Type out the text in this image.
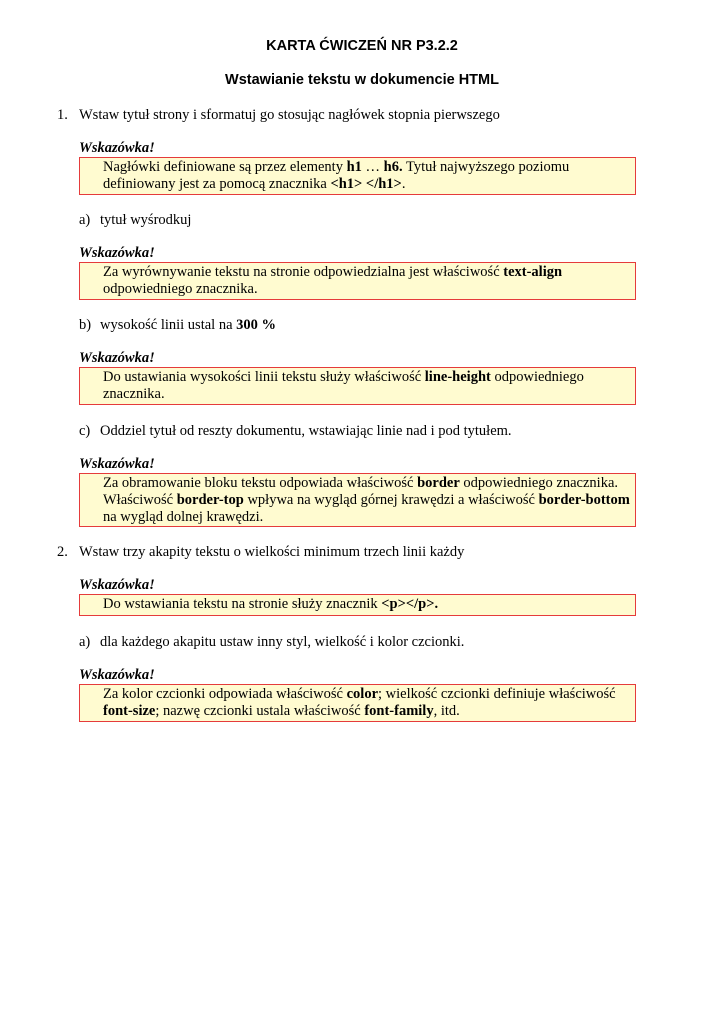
KARTA ĆWICZEŃ NR P3.2.2
Wstawianie tekstu w dokumencie HTML
1. Wstaw tytuł strony i sformatuj go stosując nagłówek stopnia pierwszego
Wskazówka!
Nagłówki definiowane są przez elementy h1 … h6. Tytuł najwyższego poziomu
definiowany jest za pomocą znacznika <h1> </h1>.
a) tytuł wyśrodkuj
Wskazówka!
Za wyrównywanie tekstu na stronie odpowiedzialna jest właściwość text-align
odpowiedniego znacznika.
b) wysokość linii ustal na 300 %
Wskazówka!
Do ustawiania wysokości linii tekstu służy właściwość line-height odpowiedniego
znacznika.
c) Oddziel tytuł od reszty dokumentu, wstawiając linie nad i pod tytułem.
Wskazówka!
Za obramowanie bloku tekstu odpowiada właściwość border odpowiedniego znacznika.
Właściwość border-top wpływa na wygląd górnej krawędzi a właściwość border-bottom
na wygląd dolnej krawędzi.
2. Wstaw trzy akapity tekstu o wielkości minimum trzech linii każdy
Wskazówka!
Do wstawiania tekstu na stronie służy znacznik <p></p>.
a) dla każdego akapitu ustaw inny styl, wielkość i kolor czcionki.
Wskazówka!
Za kolor czcionki odpowiada właściwość color; wielkość czcionki definiuje właściwość
font-size; nazwę czcionki ustala właściwość font-family, itd.
